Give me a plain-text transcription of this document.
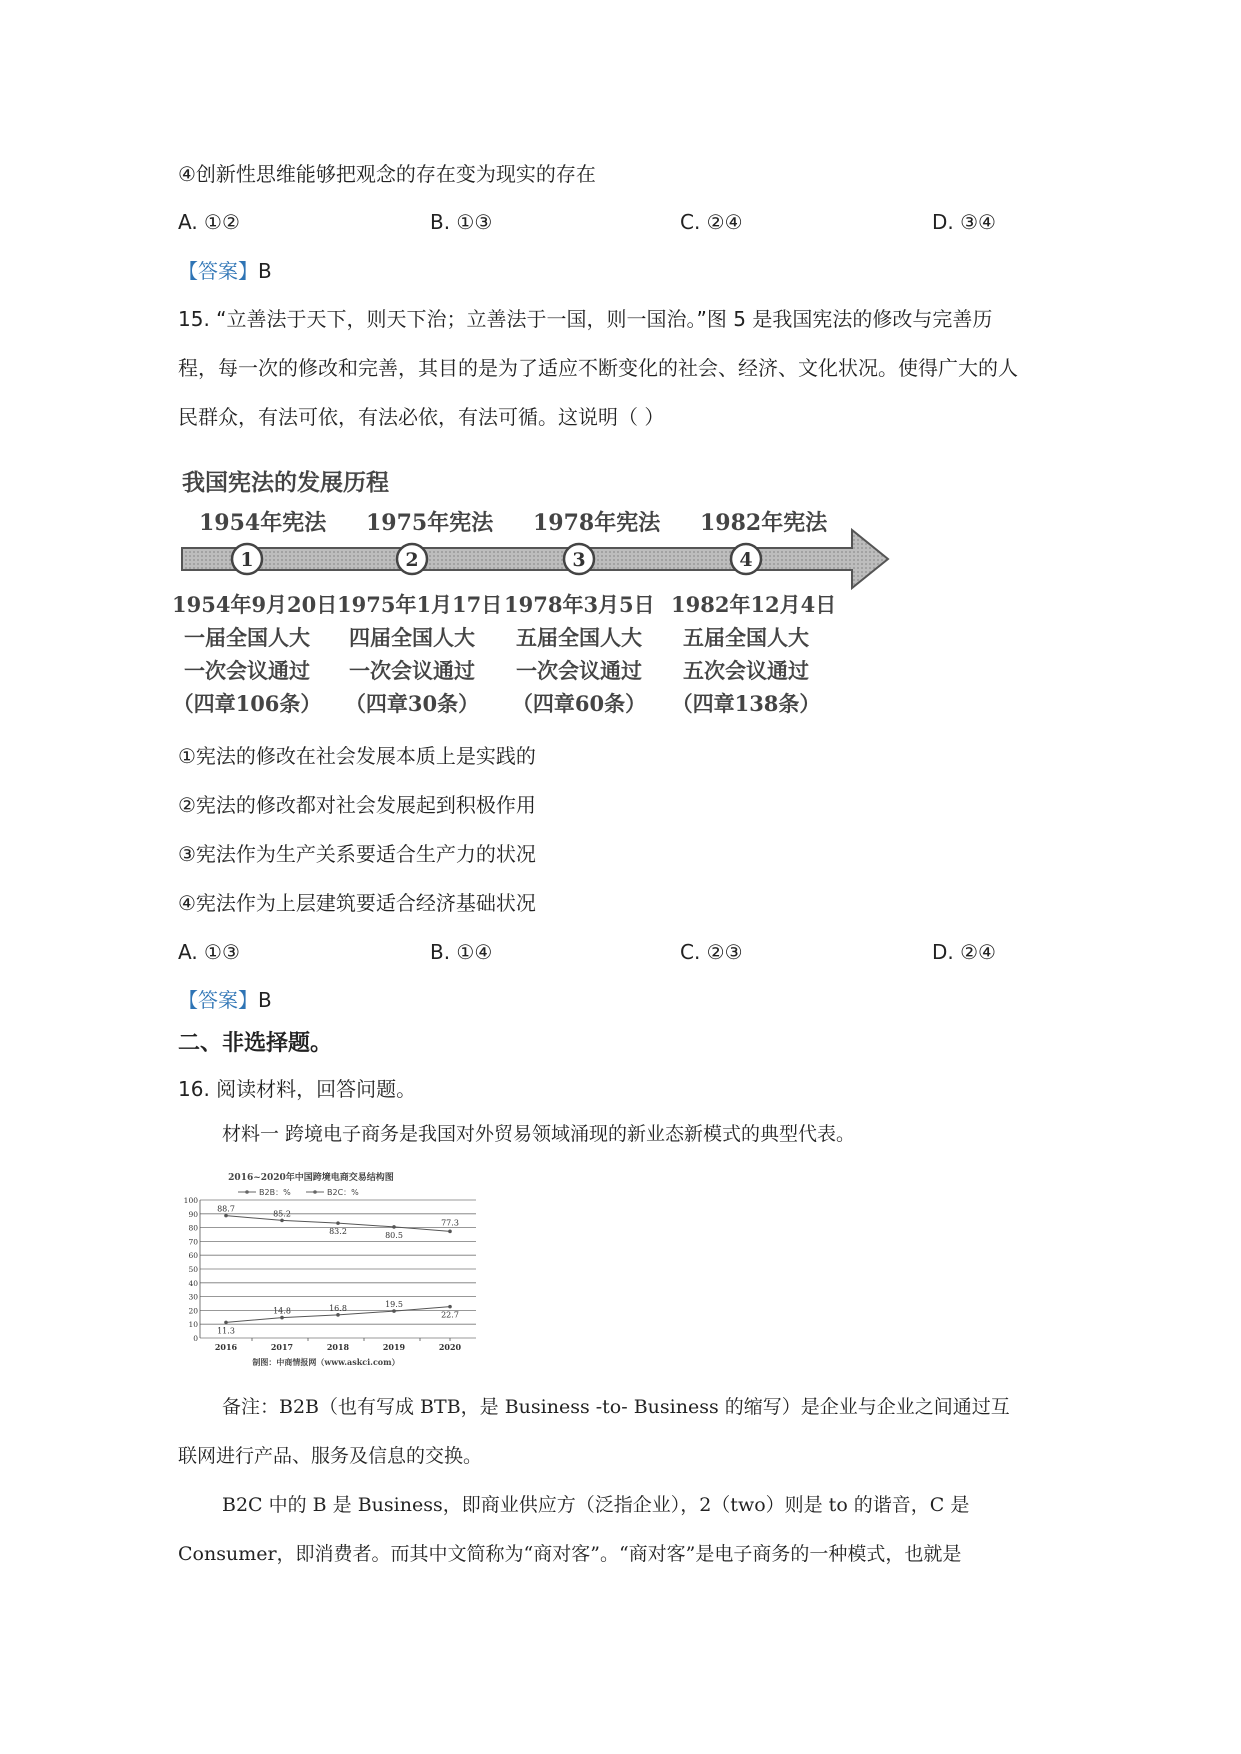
④创新性思维能够把观念的存在变为现实的存在
A. ①②	B. ①③	C. ②④	D. ③④
【答案】B
15. “立善法于天下，则天下治；立善法于一国，则一国治。”图 5 是我国宪法的修改与完善历
程，每一次的修改和完善，其目的是为了适应不断变化的社会、经济、文化状况。使得广大的人
民群众，有法可依，有法必依，有法可循。这说明（ ）
我国宪法的发展历程
1	2	3	4
1954年宪法 1975年宪法 1978年宪法 1982年宪法
1954年9月20日
一届全国人大
一次会议通过
（四章106条）
1975年1月17日
四届全国人大
一次会议通过
（四章30条）
1978年3月5日
五届全国人大
一次会议通过
（四章60条）
1982年12月4日
五届全国人大
五次会议通过
（四章138条）
①宪法的修改在社会发展本质上是实践的
②宪法的修改都对社会发展起到积极作用
③宪法作为生产关系要适合生产力的状况
④宪法作为上层建筑要适合经济基础状况
A. ①③	B. ①④	C. ②③	D. ②④
【答案】B
二、非选择题。
16. 阅读材料，回答问题。
材料一 跨境电子商务是我国对外贸易领域涌现的新业态新模式的典型代表。
2016~2020年中国跨境电商交易结构图
B2B：%	B2C：%
0
10
20
30
40
50
60
70
80
90
100
2016	2017	2018	2019	2020
88.7
85.2
83.2	80.5
77.3
11.3
14.8	16.8	19.5
22.7
制图：中商情报网（www.askci.com）
备注：B2B（也有写成 BTB，是 Business -to- Business 的缩写）是企业与企业之间通过互
联网进行产品、服务及信息的交换。
B2C 中的 B 是 Business，即商业供应方（泛指企业），2（two）则是 to 的谐音，C 是
Consumer，即消费者。而其中文简称为“商对客”。“商对客”是电子商务的一种模式，也就是
